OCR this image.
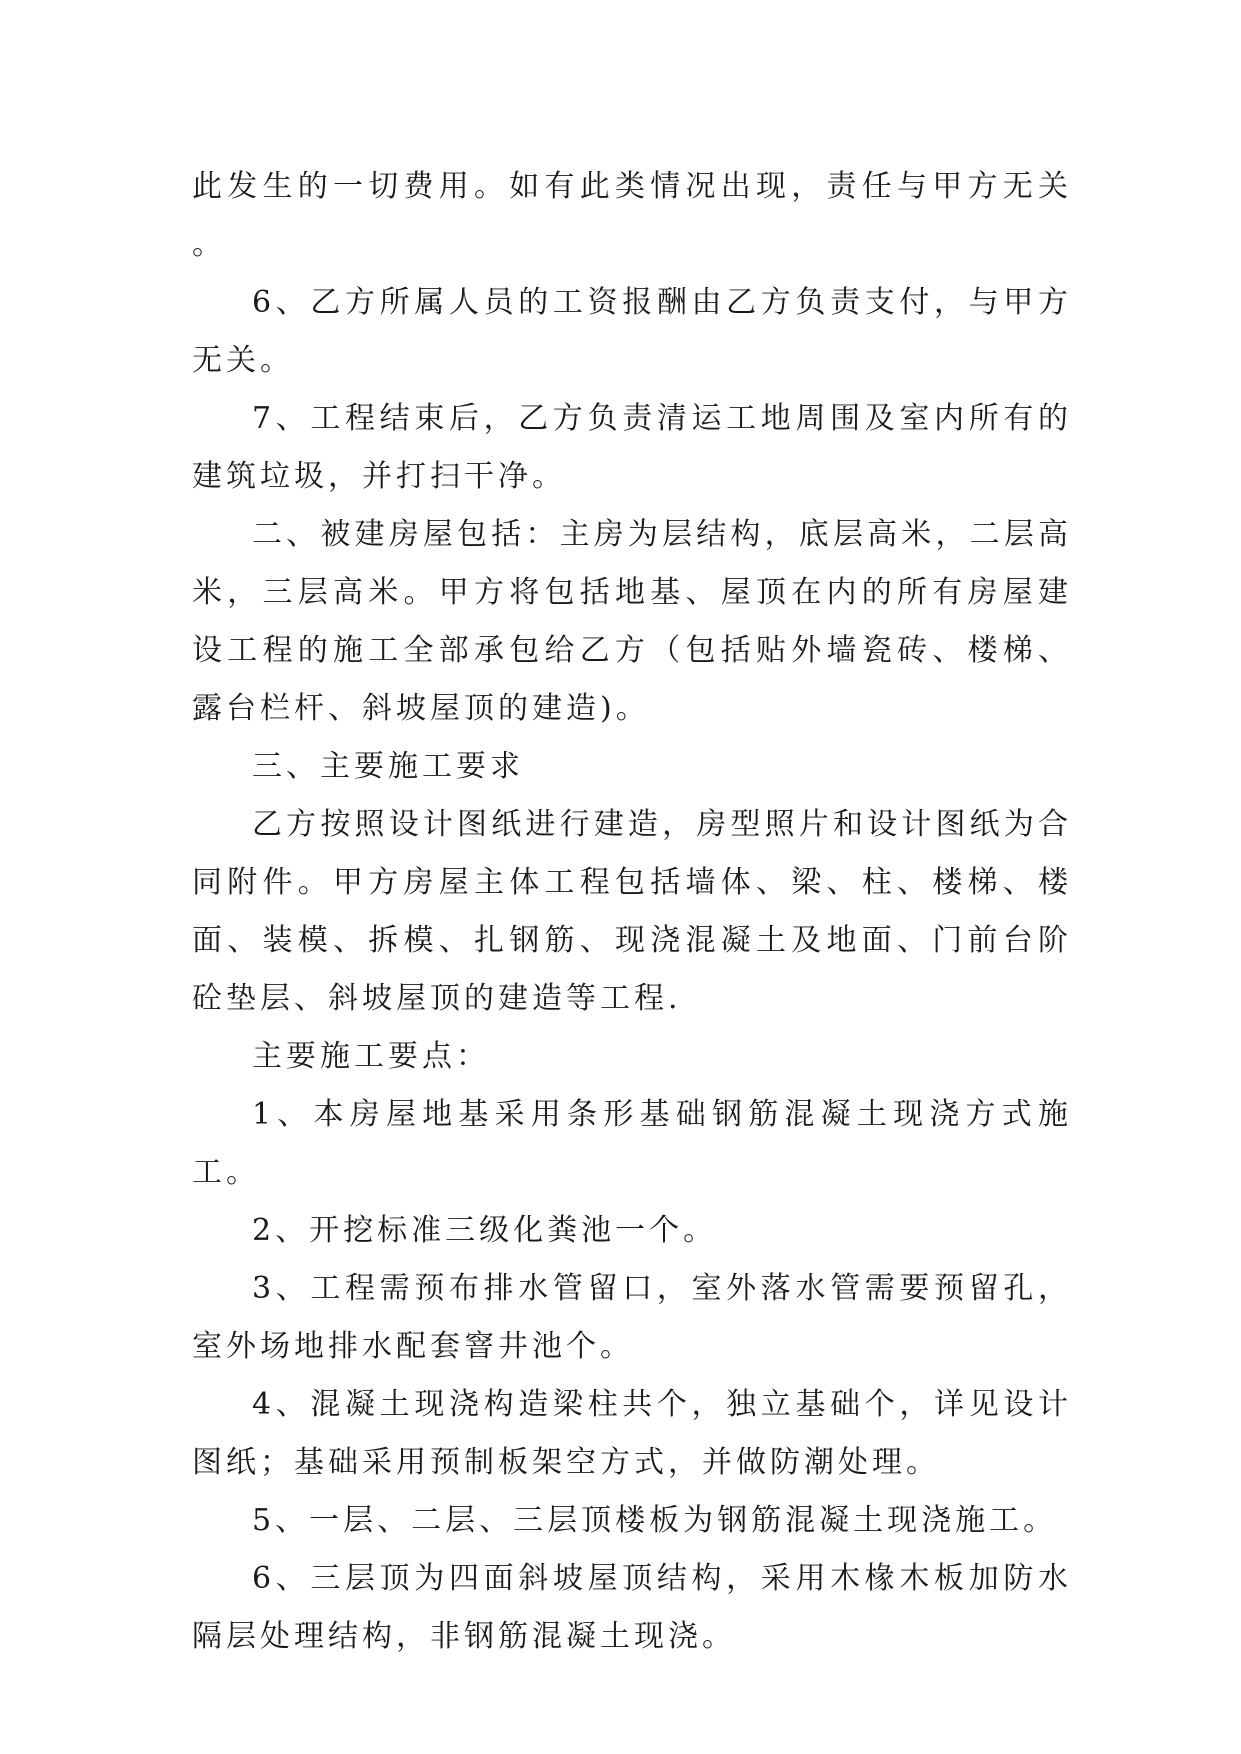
此发生的一切费用。如有此类情况出现，责任与甲方无关 。

6、乙方所属人员的工资报酬由乙方负责支付，与甲方无关。

7、工程结束后，乙方负责清运工地周围及室内所有的建筑垃圾，并打扫干净。

二、被建房屋包括：主房为层结构，底层高米，二层高米，三层高米。甲方将包括地基、屋顶在内的所有房屋建设工程的施工全部承包给乙方（包括贴外墙瓷砖、楼梯、露台栏杆、斜坡屋顶的建造)。

三、主要施工要求

乙方按照设计图纸进行建造，房型照片和设计图纸为合同附件。甲方房屋主体工程包括墙体、梁、柱、楼梯、楼面、装模、拆模、扎钢筋、现浇混凝土及地面、门前台阶砼垫层、斜坡屋顶的建造等工程.

主要施工要点：

1、本房屋地基采用条形基础钢筋混凝土现浇方式施工。

2、开挖标准三级化粪池一个。

3、工程需预布排水管留口，室外落水管需要预留孔，室外场地排水配套窨井池个。

4、混凝土现浇构造梁柱共个，独立基础个，详见设计图纸；基础采用预制板架空方式，并做防潮处理。

5、一层、二层、三层顶楼板为钢筋混凝土现浇施工。

6、三层顶为四面斜坡屋顶结构，采用木椽木板加防水隔层处理结构，非钢筋混凝土现浇。
